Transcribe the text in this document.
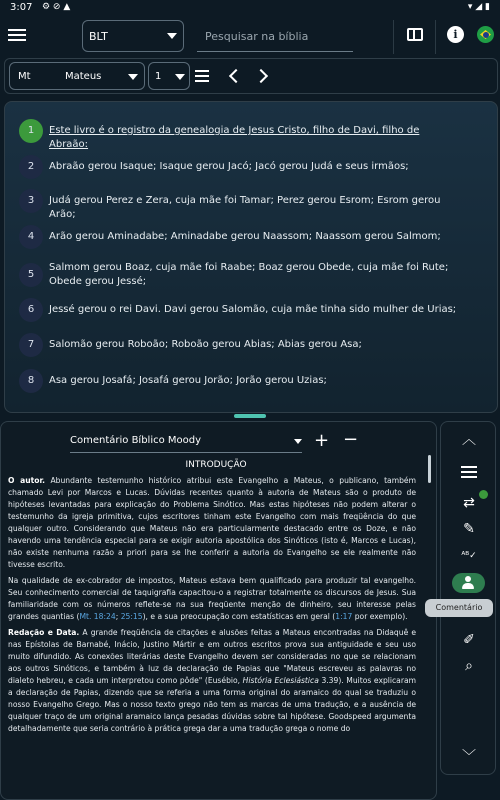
3:07 ⚙ ⊘ ▲	▾ ◢ ▮
BLT
Pesquisar na bíblia	i
Mt	Mateus	1
1	Este livro é o registro da genealogia de Jesus Cristo, filho de Davi, filho de Abraão:
2	Abraão gerou Isaque; Isaque gerou Jacó; Jacó gerou Judá e seus irmãos;
3	Judá gerou Perez e Zera, cuja mãe foi Tamar; Perez gerou Esrom; Esrom gerou Arão;
4	Arão gerou Aminadabe; Aminadabe gerou Naassom; Naassom gerou Salmom;
5
Salmom gerou Boaz, cuja mãe foi Raabe; Boaz gerou Obede, cuja mãe foi Rute; Obede gerou Jessé;
6	Jessé gerou o rei Davi. Davi gerou Salomão, cuja mãe tinha sido mulher de Urias;
7	Salomão gerou Roboão; Roboão gerou Abias; Abias gerou Asa;
8	Asa gerou Josafá; Josafá gerou Jorão; Jorão gerou Uzias;
Comentário Bíblico Moody	+ −
INTRODUÇÃO

O autor. Abundante testemunho histórico atribui este Evangelho a Mateus, o publicano, também chamado Levi por Marcos e Lucas. Dúvidas recentes quanto à autoria de Mateus são o produto de hipóteses levantadas para explicação do Problema Sinótico. Mas estas hipóteses não podem alterar o testemunho da igreja primitiva, cujos escritores tinham este Evangelho com mais freqüência do que qualquer outro. Considerando que Mateus não era particularmente destacado entre os Doze, e não havendo uma tendência especial para se exigir autoria apostólica dos Sinóticos (isto é, Marcos e Lucas), não existe nenhuma razão a priori para se lhe conferir a autoria do Evangelho se ele realmente não tivesse escrito.

Na qualidade de ex-cobrador de impostos, Mateus estava bem qualificado para produzir tal evangelho. Seu conhecimento comercial de taquigrafia capacitou-o a registrar totalmente os discursos de Jesus. Sua familiaridade com os números reflete-se na sua freqüente menção de dinheiro, seu interesse pelas grandes quantias (Mt. 18:24; 25:15), e a sua preocupação com estatísticas em geral (1:17 por exemplo).

Redação e Data. A grande freqüência de citações e alusões feitas a Mateus encontradas na Didaquê e nas Epístolas de Barnabé, Inácio, Justino Mártir e em outros escritos prova sua antiguidade e seu uso muito difundido. As conexões literárias deste Evangelho devem ser consideradas no que se relacionam aos outros Sinóticos, e também à luz da declaração de Papias que "Mateus escreveu as palavras no dialeto hebreu, e cada um interpretou como pôde" (Eusébio, História Eclesiástica 3.39). Muitos explicaram a declaração de Papias, dizendo que se referia a uma forma original do aramaico do qual se traduziu o nosso Evangelho Grego. Mas o nosso texto grego não tem as marcas de uma tradução, e a ausência de qualquer traço de um original aramaico lança pesadas dúvidas sobre tal hipótese. Goodspeed argumenta detalhadamente que seria contrário à prática grega dar a uma tradução grega o nome do

︿
⇄
✎
ᴬᴮ✓
✐
⌕
﹀
Comentário
